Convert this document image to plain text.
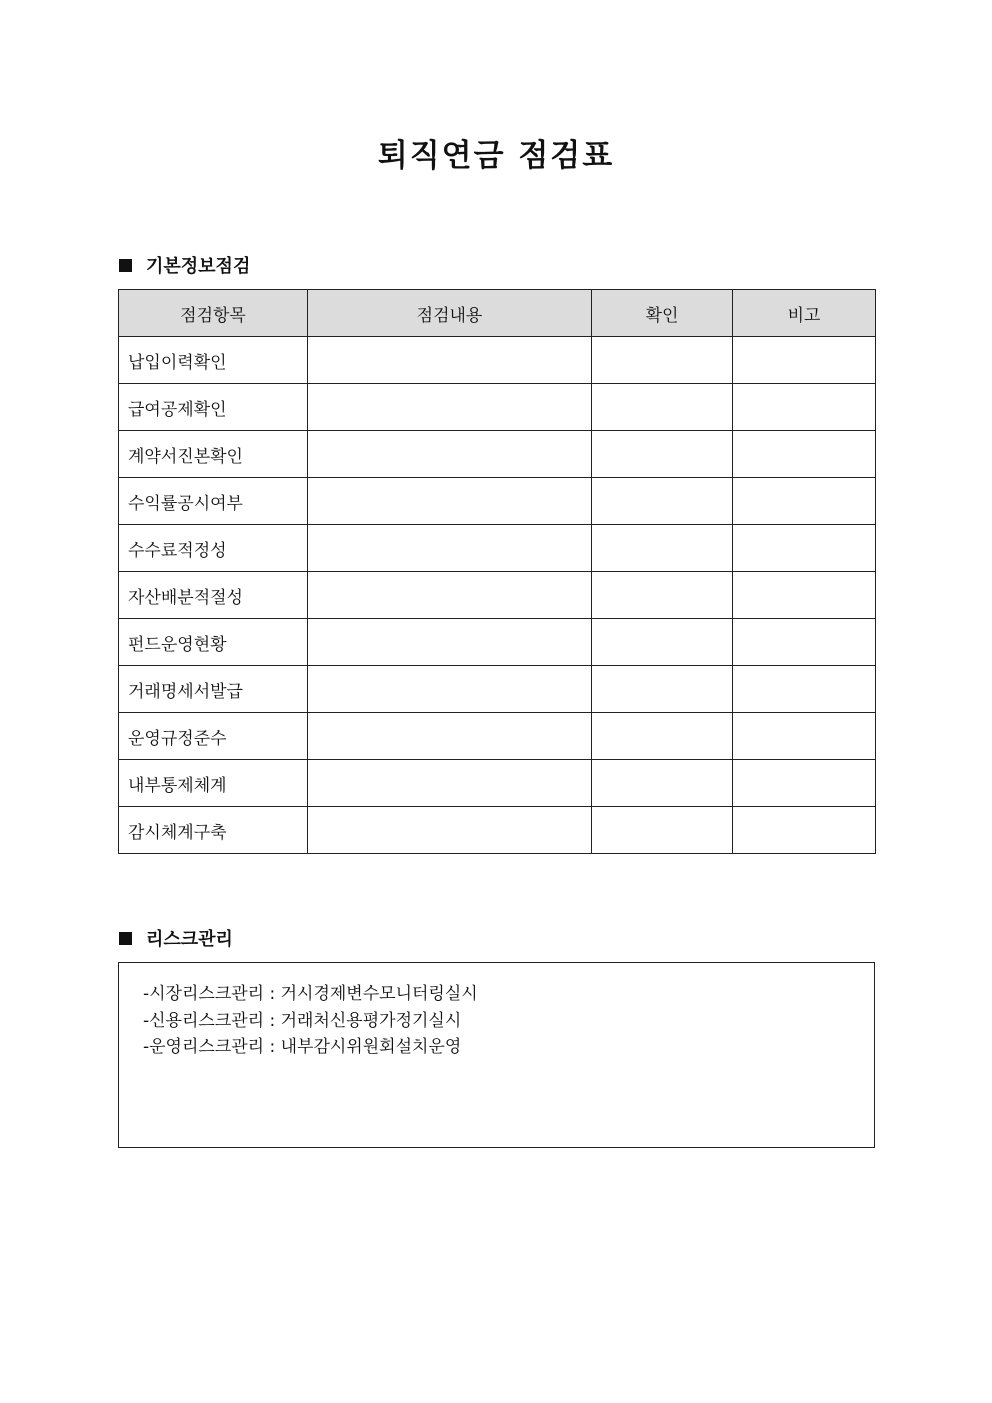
퇴직연금 점검표
기본정보점검
점검항목	점검내용	확인	비고
납입이력확인			
급여공제확인			
계약서진본확인			
수익률공시여부			
수수료적정성			
자산배분적절성			
펀드운영현황			
거래명세서발급			
운영규정준수			
내부통제체계			
감시체계구축			
리스크관리
-시장리스크관리 : 거시경제변수모니터링실시
-신용리스크관리 : 거래처신용평가정기실시
-운영리스크관리 : 내부감시위원회설치운영
